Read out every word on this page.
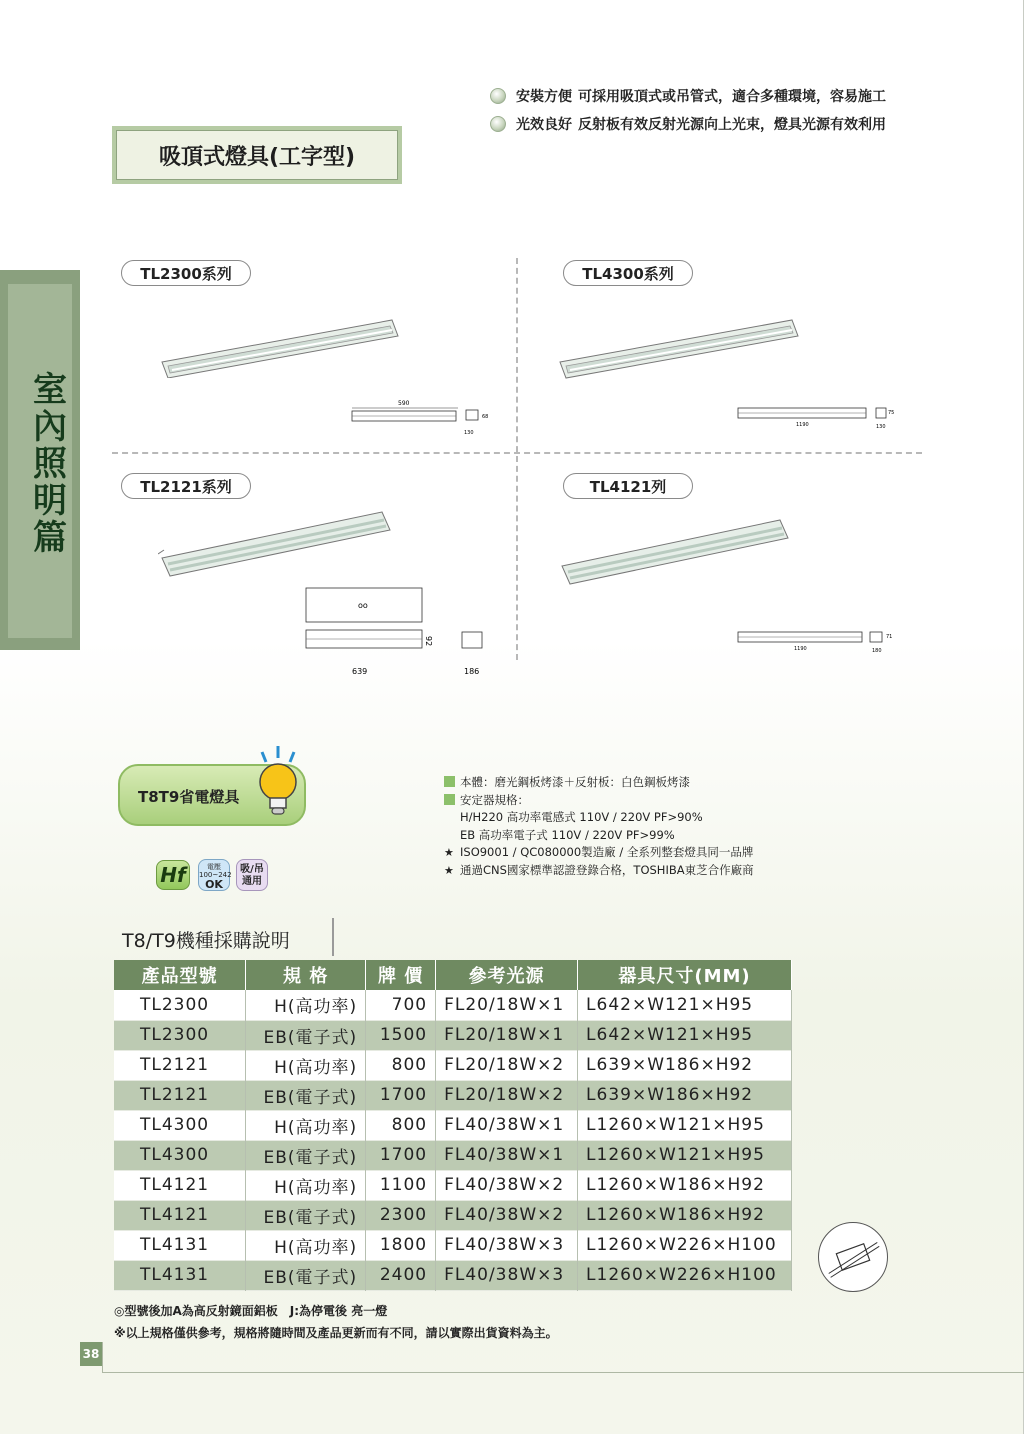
安裝方便 可採用吸頂式或吊管式，適合多種環境，容易施工
光效良好 反射板有效反射光源向上光束，燈具光源有效利用
吸頂式燈具(工字型)
室內照明篇
TL2300系列	TL4300系列
TL2121系列	TL4121列
590
68
130
1190
75
130
oo
639
92
186
1190
71
180
T8T9省電燈具
Hf	電壓
100~242
OK
吸/吊
通用
本體：磨光鋼板烤漆＋反射板：白色鋼板烤漆
安定器規格：
H/H220 高功率電感式 110V / 220V PF>90%
EB 高功率電子式 110V / 220V PF>99%
★ ISO9001 / QC080000製造廠 / 全系列整套燈具同一品牌
★ 通過CNS國家標準認證登錄合格，TOSHIBA東芝合作廠商
T8/T9機種採購說明
產品型號	規 格	牌 價	參考光源	器具尺寸(MM)
TL2300	H(高功率)	700	FL20/18W×1	L642×W121×H95
TL2300	EB(電子式)	1500	FL20/18W×1	L642×W121×H95
TL2121	H(高功率)	800	FL20/18W×2	L639×W186×H92
TL2121	EB(電子式)	1700	FL20/18W×2	L639×W186×H92
TL4300	H(高功率)	800	FL40/38W×1	L1260×W121×H95
TL4300	EB(電子式)	1700	FL40/38W×1	L1260×W121×H95
TL4121	H(高功率)	1100	FL40/38W×2	L1260×W186×H92
TL4121	EB(電子式)	2300	FL40/38W×2	L1260×W186×H92
TL4131	H(高功率)	1800	FL40/38W×3	L1260×W226×H100
TL4131	EB(電子式)	2400	FL40/38W×3	L1260×W226×H100
◎型號後加A為高反射鏡面鋁板　J:為停電後 亮一燈
※以上規格僅供參考，規格將隨時間及產品更新而有不同，請以實際出貨資料為主。
38
